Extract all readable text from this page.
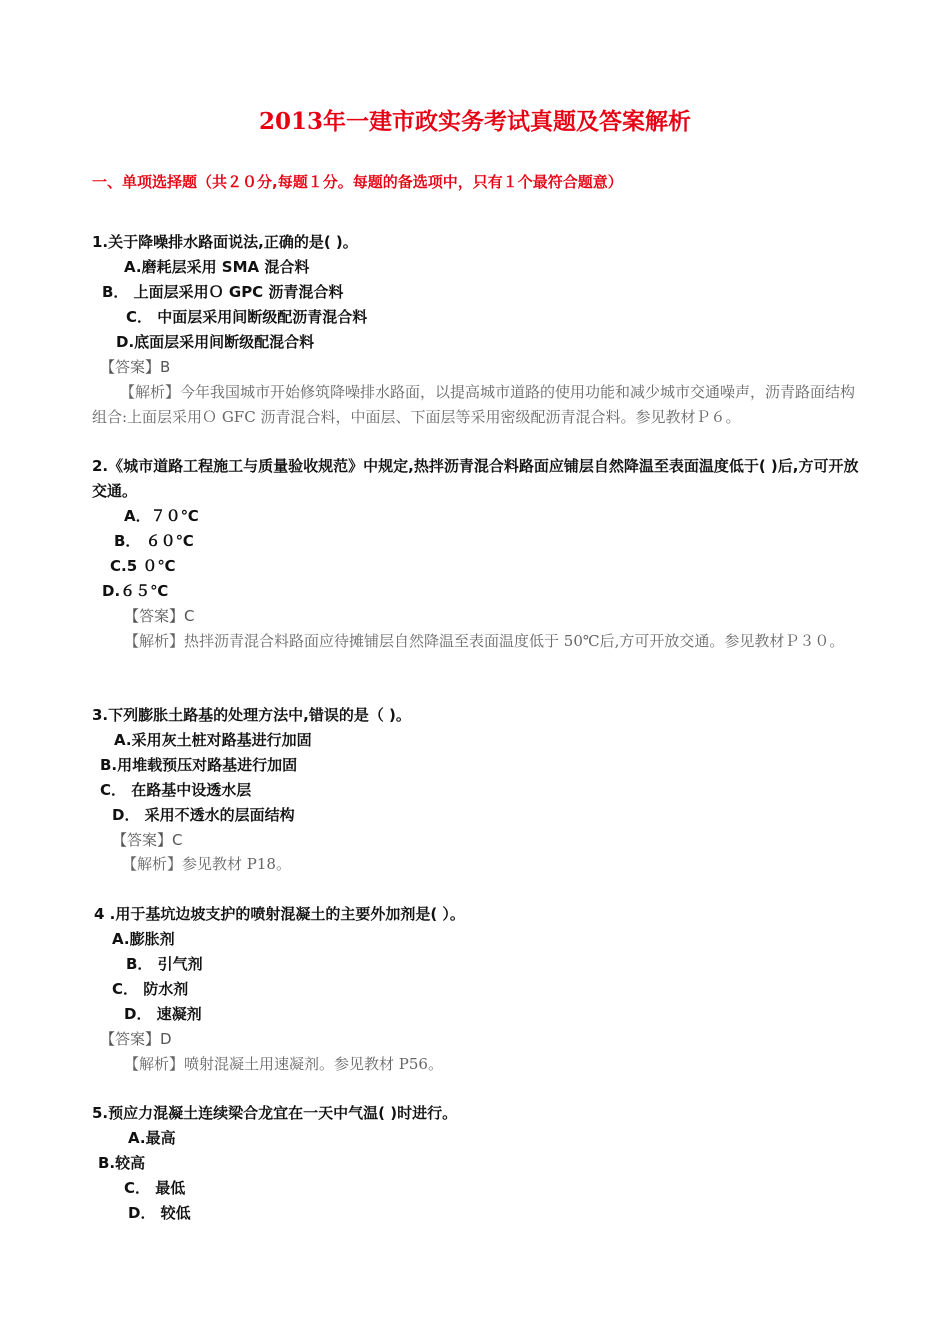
2013年一建市政实务考试真题及答案解析
一、单项选择题（共２０分,每题１分。每题的备选项中，只有１个最符合题意）
1.关于降噪排水路面说法,正确的是( )。
A.磨耗层采用 SMA 混合料
B． 上面层采用Ｏ GPC 沥青混合料
C． 中面层采用间断级配沥青混合料
D.底面层采用间断级配混合料
【答案】B
【解析】今年我国城市开始修筑降噪排水路面，以提高城市道路的使用功能和减少城市交通噪声，沥青路面结构组合:上面层采用Ｏ GFC 沥青混合料，中面层、下面层等采用密级配沥青混合料。参见教材Ｐ６。
2.《城市道路工程施工与质量验收规范》中规定,热拌沥青混合料路面应铺层自然降温至表面温度低于( )后,方可开放交通。
A．７０℃
B． ６０℃
C.5 ０℃
D.６５℃
【答案】C
【解析】热拌沥青混合料路面应待摊铺层自然降温至表面温度低于 50℃后,方可开放交通。参见教材Ｐ３０。
3.下列膨胀土路基的处理方法中,错误的是（ )。
A.采用灰土桩对路基进行加固
B.用堆载预压对路基进行加固
C． 在路基中设透水层
D． 采用不透水的层面结构
【答案】C
【解析】参见教材 P18。
4 .用于基坑边坡支护的喷射混凝土的主要外加剂是( ）。
A.膨胀剂
B． 引气剂
C． 防水剂
D． 速凝剂
【答案】D
【解析】喷射混凝土用速凝剂。参见教材 P56。
5.预应力混凝土连续梁合龙宜在一天中气温( )时进行。
A.最高
B.较高
C． 最低
D． 较低
